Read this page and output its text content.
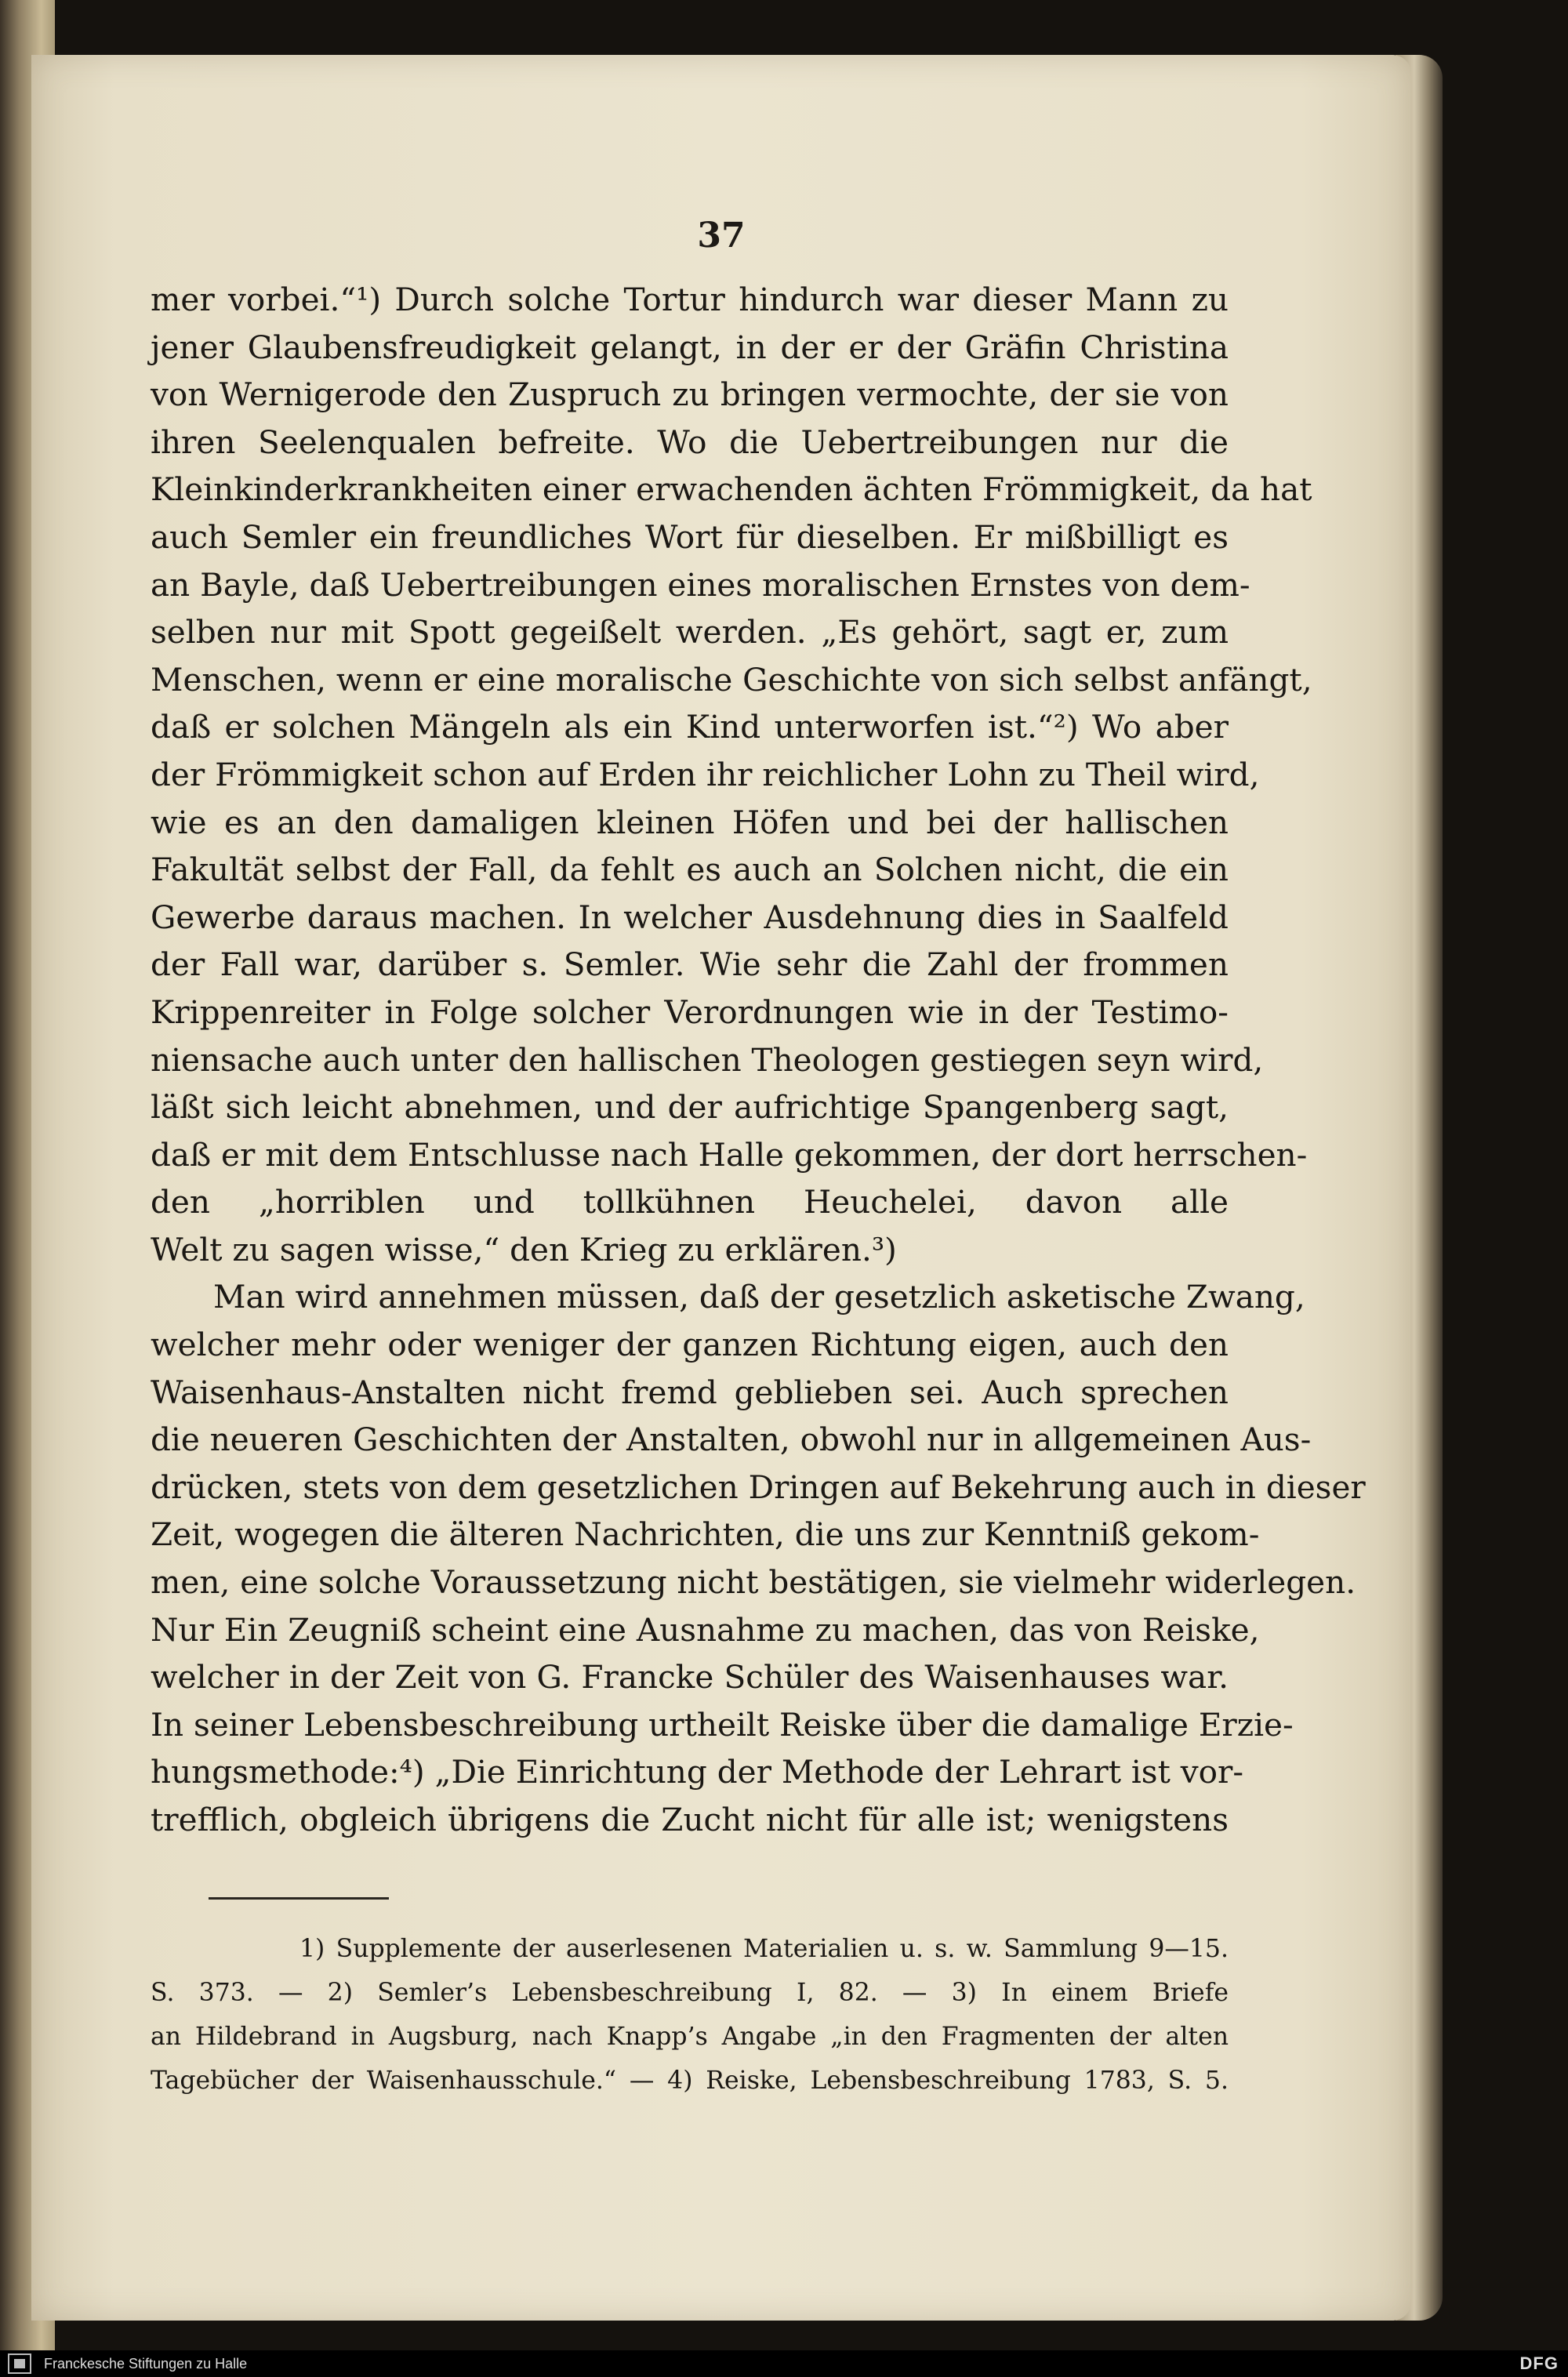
37
mer vorbei.“¹) Durch solche Tortur hindurch war dieser Mann zu
jener Glaubensfreudigkeit gelangt, in der er der Gräfin Christina
von Wernigerode den Zuspruch zu bringen vermochte, der sie von
ihren Seelenqualen befreite. Wo die Uebertreibungen nur die
Kleinkinderkrankheiten einer erwachenden ächten Frömmigkeit, da hat
auch Semler ein freundliches Wort für dieselben. Er mißbilligt es
an Bayle, daß Uebertreibungen eines moralischen Ernstes von dem-
selben nur mit Spott gegeißelt werden. „Es gehört, sagt er, zum
Menschen, wenn er eine moralische Geschichte von sich selbst anfängt,
daß er solchen Mängeln als ein Kind unterworfen ist.“²) Wo aber
der Frömmigkeit schon auf Erden ihr reichlicher Lohn zu Theil wird,
wie es an den damaligen kleinen Höfen und bei der hallischen
Fakultät selbst der Fall, da fehlt es auch an Solchen nicht, die ein
Gewerbe daraus machen. In welcher Ausdehnung dies in Saalfeld
der Fall war, darüber s. Semler. Wie sehr die Zahl der frommen
Krippenreiter in Folge solcher Verordnungen wie in der Testimo-
niensache auch unter den hallischen Theologen gestiegen seyn wird,
läßt sich leicht abnehmen, und der aufrichtige Spangenberg sagt,
daß er mit dem Entschlusse nach Halle gekommen, der dort herrschen-
den „horriblen und tollkühnen Heuchelei, davon alle
Welt zu sagen wisse,“ den Krieg zu erklären.³)
Man wird annehmen müssen, daß der gesetzlich asketische Zwang,
welcher mehr oder weniger der ganzen Richtung eigen, auch den
Waisenhaus-Anstalten nicht fremd geblieben sei. Auch sprechen
die neueren Geschichten der Anstalten, obwohl nur in allgemeinen Aus-
drücken, stets von dem gesetzlichen Dringen auf Bekehrung auch in dieser
Zeit, wogegen die älteren Nachrichten, die uns zur Kenntniß gekom-
men, eine solche Voraussetzung nicht bestätigen, sie vielmehr widerlegen.
Nur Ein Zeugniß scheint eine Ausnahme zu machen, das von Reiske,
welcher in der Zeit von G. Francke Schüler des Waisenhauses war.
In seiner Lebensbeschreibung urtheilt Reiske über die damalige Erzie-
hungsmethode:⁴) „Die Einrichtung der Methode der Lehrart ist vor-
trefflich, obgleich übrigens die Zucht nicht für alle ist; wenigstens
1) Supplemente der auserlesenen Materialien u. s. w. Sammlung 9—15.
S. 373. — 2) Semler’s Lebensbeschreibung I, 82. — 3) In einem Briefe
an Hildebrand in Augsburg, nach Knapp’s Angabe „in den Fragmenten der alten
Tagebücher der Waisenhausschule.“ — 4) Reiske, Lebensbeschreibung 1783, S. 5.
Franckesche Stiftungen zu Halle	DFG
